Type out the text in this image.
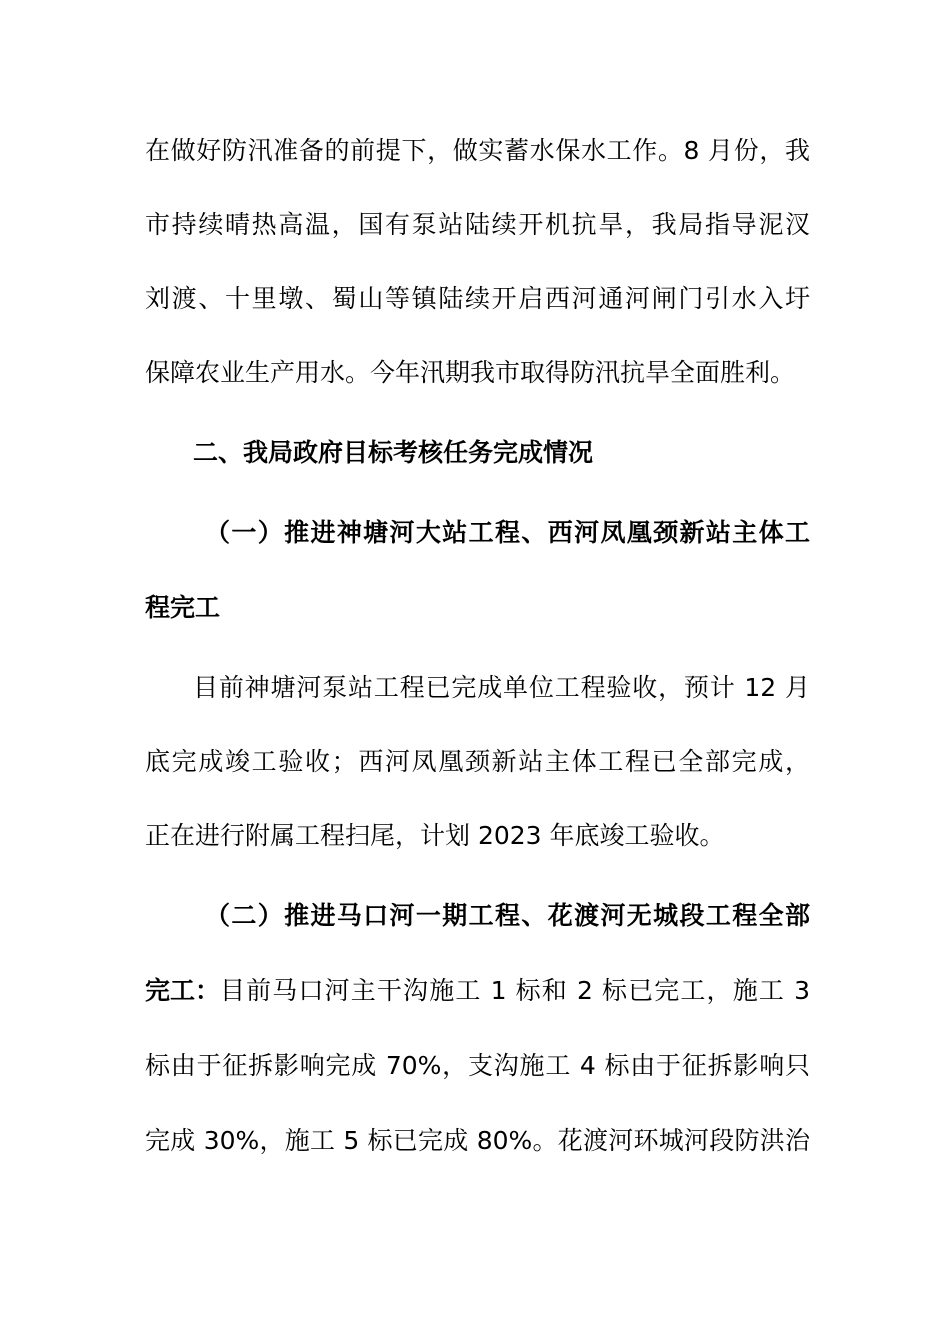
在做好防汛准备的前提下，做实蓄水保水工作。8 月份，我
市持续晴热高温，国有泵站陆续开机抗旱，我局指导泥汊
刘渡、十里墩、蜀山等镇陆续开启西河通河闸门引水入圩
保障农业生产用水。今年汛期我市取得防汛抗旱全面胜利。
二、我局政府目标考核任务完成情况
（一）推进神塘河大站工程、西河凤凰颈新站主体工
程完工
目前神塘河泵站工程已完成单位工程验收，预计 12 月
底完成竣工验收；西河凤凰颈新站主体工程已全部完成，
正在进行附属工程扫尾，计划 2023 年底竣工验收。
（二）推进马口河一期工程、花渡河无城段工程全部
完工： 目前马口河主干沟施工 1 标和 2 标已完工，施工 3
标由于征拆影响完成 70%，支沟施工 4 标由于征拆影响只
完成 30%，施工 5 标已完成 80%。花渡河环城河段防洪治
